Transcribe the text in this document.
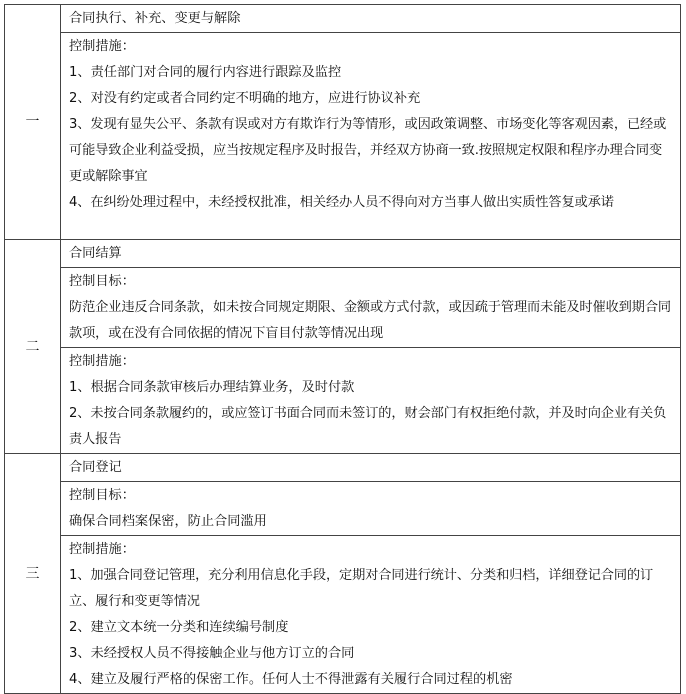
一	合同执行、补充、变更与解除

	控制措施：
1、责任部门对合同的履行内容进行跟踪及监控
2、对没有约定或者合同约定不明确的地方，应进行协议补充
3、发现有显失公平、条款有误或对方有欺诈行为等情形，或因政策调整、市场变化等客观因素，已经或可能导致企业利益受损，应当按规定程序及时报告，并经双方协商一致.按照规定权限和程序办理合同变更或解除事宜
4、在纠纷处理过程中，未经授权批准，相关经办人员不得向对方当事人做出实质性答复或承诺

二	合同结算

	控制目标：
防范企业违反合同条款，如未按合同规定期限、金额或方式付款，或因疏于管理而未能及时催收到期合同款项，或在没有合同依据的情况下盲目付款等情况出现

	控制措施：
1、根据合同条款审核后办理结算业务，及时付款
2、未按合同条款履约的，或应签订书面合同而未签订的，财会部门有权拒绝付款，并及时向企业有关负责人报告

三	合同登记

	控制目标：
确保合同档案保密，防止合同滥用

	控制措施：
1、加强合同登记管理，充分利用信息化手段，定期对合同进行统计、分类和归档，详细登记合同的订立、履行和变更等情况
2、建立文本统一分类和连续编号制度
3、未经授权人员不得接触企业与他方订立的合同
4、建立及履行严格的保密工作。任何人士不得泄露有关履行合同过程的机密
